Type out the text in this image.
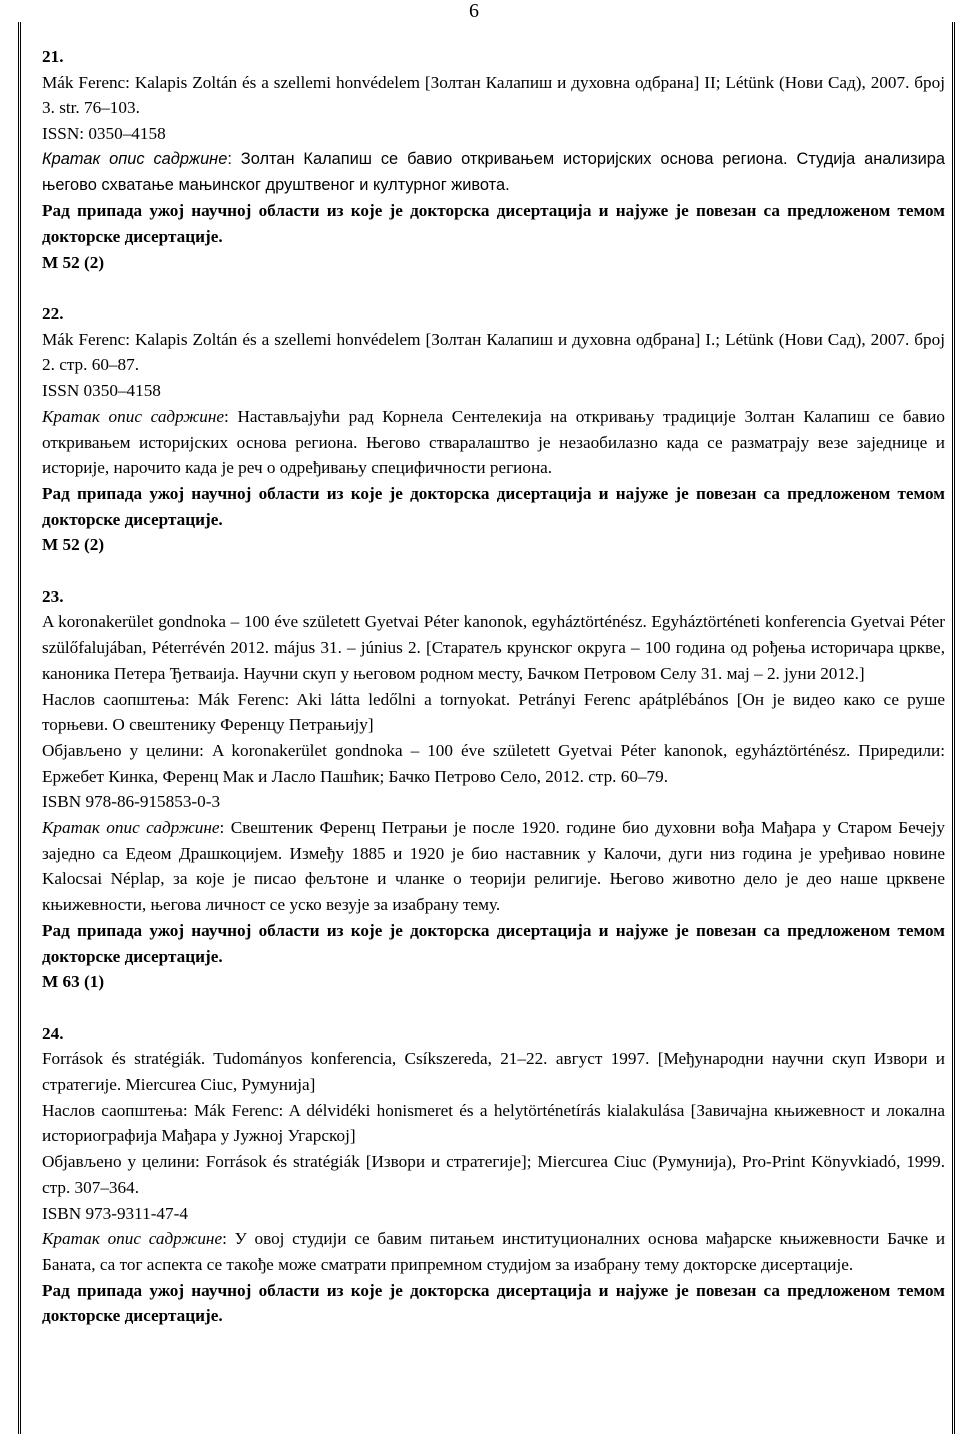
6
21.
Mák Ferenc: Kalapis Zoltán és a szellemi honvédelem [Золтан Калапиш и духовна одбрана] II; Létünk (Нови Сад), 2007. број 3. str. 76–103.
ISSN: 0350–4158
Кратак опис садржине: Золтан Калапиш се бавио откривањем историјских основа региона. Студија анализира његово схватање мањинског друштвеног и културног живота.
Рад припада ужој научној области из које је докторска дисертација и најуже је повезан са предложеном темом докторске дисертације.
M 52 (2)
22.
Mák Ferenc: Kalapis Zoltán és a szellemi honvédelem [Золтан Калапиш и духовна одбрана] I.; Létünk (Нови Сад), 2007. број 2. стр. 60–87.
ISSN 0350–4158
Кратак опис садржине: Настављајући рад Корнела Сентелекија на откривању традиције Золтан Калапиш се бавио откривањем историјских основа региона. Његово стваралаштво је незаобилазно када се разматрају везе заједнице и историје, нарочито када је реч о одређивању специфичности региона.
Рад припада ужој научној области из које је докторска дисертација и најуже је повезан са предложеном темом докторске дисертације.
M 52 (2)
23.
A koronakerület gondnoka – 100 éve született Gyetvai Péter kanonok, egyháztörténész. Egyháztörténeti konferencia Gyetvai Péter szülőfalujában, Péterrévén 2012. május 31. – június 2. [Старатељ крунског округа – 100 година од рођења историчара цркве, каноника Петера Ђетваија. Научни скуп у његовом родном месту, Бачком Петровом Селу 31. мај – 2. јуни 2012.]
Наслов саопштења: Mák Ferenc: Aki látta ledőlni a tornyokat. Petrányi Ferenc apátplébános [Он је видео како се руше торњеви. О свештенику Ференцу Петрањију]
Објављено у целини: A koronakerület gondnoka – 100 éve született Gyetvai Péter kanonok, egyháztörténész. Приредили: Ержебет Кинка, Ференц Мак и Ласло Пашћик; Бачко Петрово Село, 2012. стр. 60–79.
ISBN 978-86-915853-0-3
Кратак опис садржине: Свештеник Ференц Петрањи је после 1920. године био духовни вођа Мађара у Старом Бечеју заједно са Едеом Драшкоцијем. Између 1885 и 1920 је био наставник у Калочи, дуги низ година је уређивао новине Kalocsai Néplap, за које је писао фељтоне и чланке о теорији религије. Његово животно дело је део наше црквене књижевности, његова личност се уско везује за изабрану тему.
Рад припада ужој научној области из које је докторска дисертација и најуже је повезан са предложеном темом докторске дисертације.
M 63 (1)
24.
Források és stratégiák. Tudományos konferencia, Csíkszereda, 21–22. август 1997. [Међународни научни скуп Извори и стратегије. Miercurea Ciuc, Румунија]
Наслов саопштења: Mák Ferenc: A délvidéki honismeret és a helytörténetírás kialakulása [Завичајна књижевност и локална историографија Мађара у Јужној Угарској]
Објављено у целини: Források és stratégiák [Извори и стратегије]; Miercurea Ciuc (Румунија), Pro-Print Könyvkiadó, 1999. стр. 307–364.
ISBN 973-9311-47-4
Кратак опис садржине: У овој студији се бавим питањем институционалних основа мађарске књижевности Бачке и Баната, са тог аспекта се такође може сматрати припремном студијом за изабрану тему докторске дисертације.
Рад припада ужој научној области из које је докторска дисертација и најуже је повезан са предложеном темом докторске дисертације.
